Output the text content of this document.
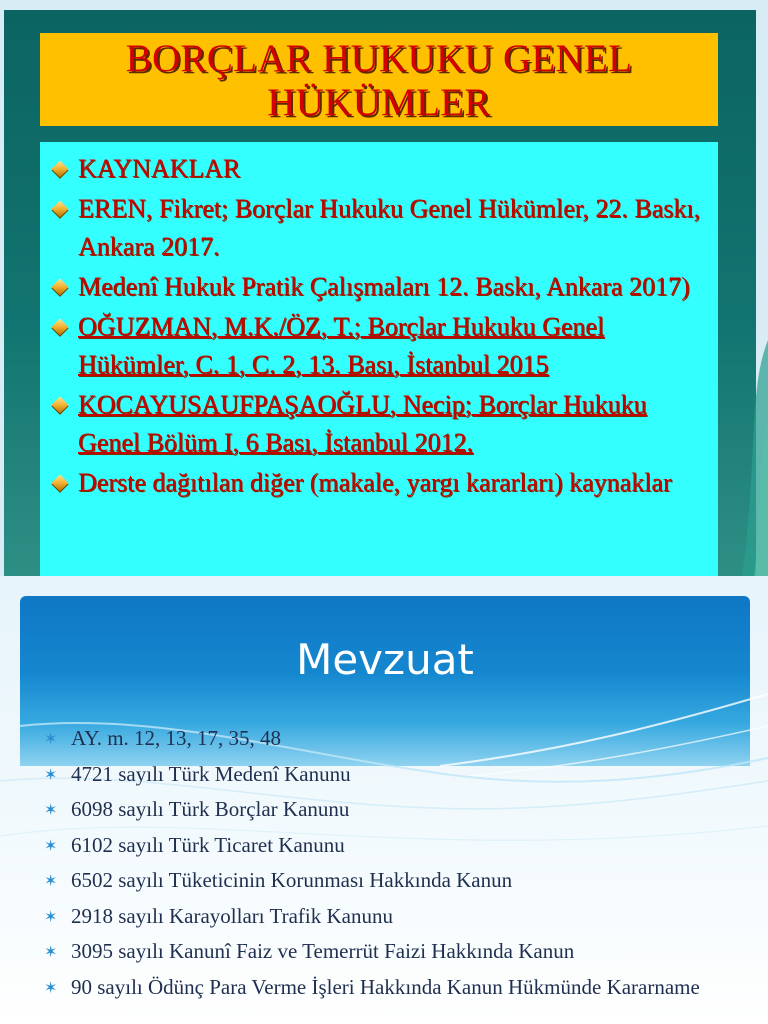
BORÇLAR HUKUKU GENEL HÜKÜMLER
KAYNAKLAR
EREN, Fikret; Borçlar Hukuku Genel Hükümler, 22. Baskı, Ankara 2017.
Medenî Hukuk Pratik Çalışmaları 12. Baskı, Ankara 2017)
OĞUZMAN, M.K./ÖZ, T.; Borçlar Hukuku Genel Hükümler, C. 1, C. 2, 13. Bası, İstanbul 2015
KOCAYUSAUFPAŞAOĞLU, Necip; Borçlar Hukuku Genel Bölüm I, 6 Bası, İstanbul 2012.
Derste dağıtılan diğer (makale, yargı kararları) kaynaklar
Mevzuat
✶ AY. m. 12, 13, 17, 35, 48
✶ 4721 sayılı Türk Medenî Kanunu
✶ 6098 sayılı Türk Borçlar Kanunu
✶ 6102 sayılı Türk Ticaret Kanunu
✶ 6502 sayılı Tüketicinin Korunması Hakkında Kanun
✶ 2918 sayılı Karayolları Trafik Kanunu
✶ 3095 sayılı Kanunî Faiz ve Temerrüt Faizi Hakkında Kanun
✶ 90 sayılı Ödünç Para Verme İşleri Hakkında Kanun Hükmünde Kararname
